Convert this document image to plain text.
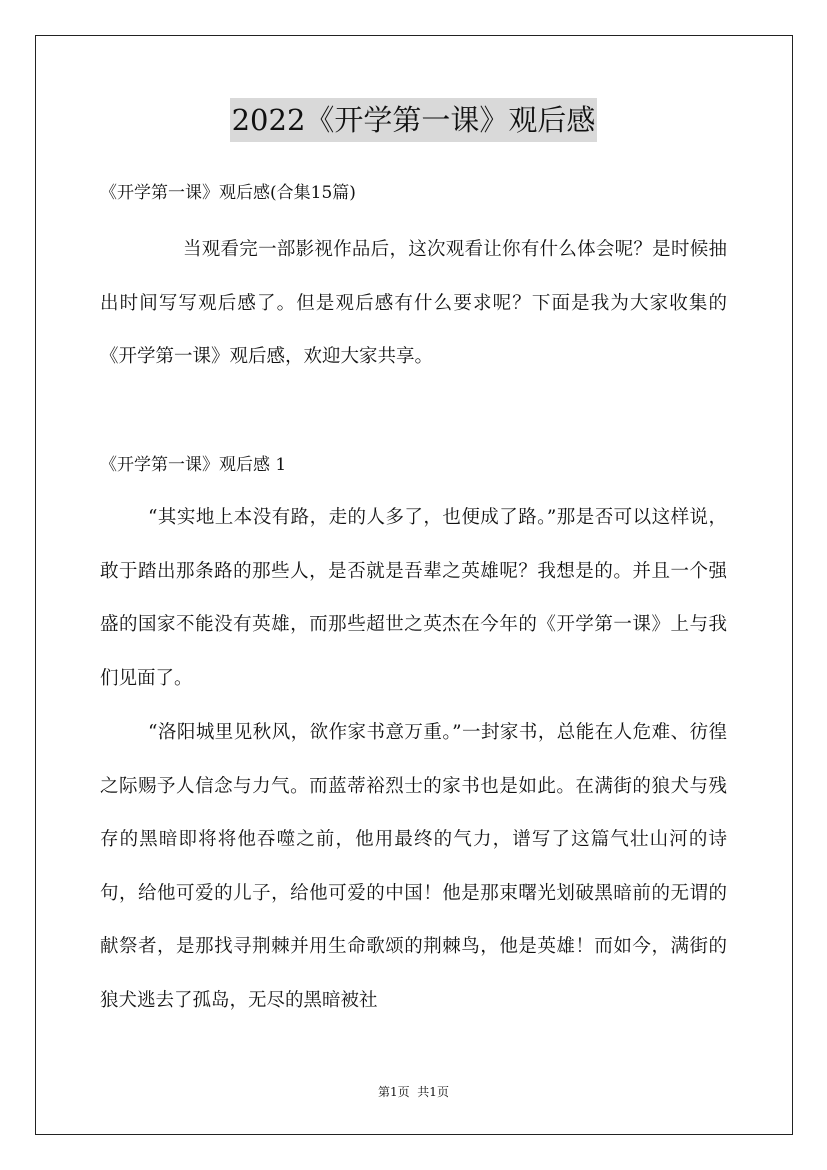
2022《开学第一课》观后感
《开学第一课》观后感(合集15篇)
当观看完一部影视作品后，这次观看让你有什么体会呢？是时候抽出时间写写观后感了。但是观后感有什么要求呢？下面是我为大家收集的《开学第一课》观后感，欢迎大家共享。
《开学第一课》观后感 1
“其实地上本没有路，走的人多了，也便成了路。”那是否可以这样说，敢于踏出那条路的那些人，是否就是吾辈之英雄呢？我想是的。并且一个强盛的国家不能没有英雄，而那些超世之英杰在今年的《开学第一课》上与我们见面了。
“洛阳城里见秋风，欲作家书意万重。”一封家书，总能在人危难、彷徨之际赐予人信念与力气。而蓝蒂裕烈士的家书也是如此。在满街的狼犬与残存的黑暗即将将他吞噬之前，他用最终的气力，谱写了这篇气壮山河的诗句，给他可爱的儿子，给他可爱的中国！他是那束曙光划破黑暗前的无谓的献祭者，是那找寻荆棘并用生命歌颂的荆棘鸟，他是英雄！而如今，满街的狼犬逃去了孤岛，无尽的黑暗被社
第1页  共1页
